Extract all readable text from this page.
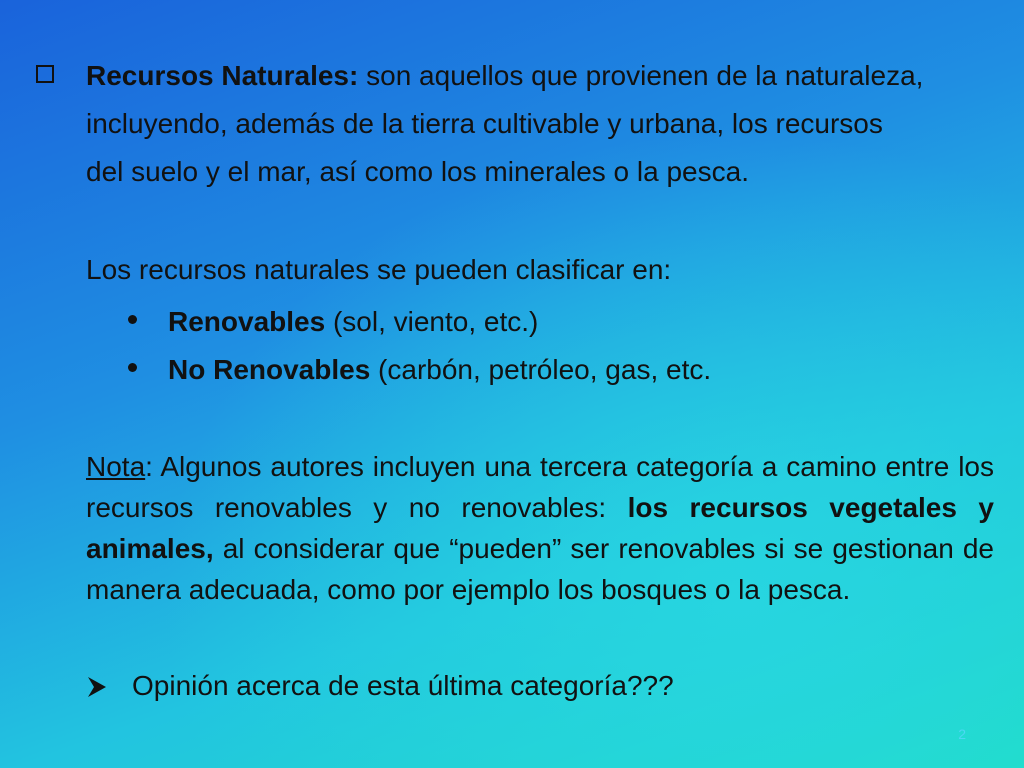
Recursos Naturales: son aquellos que provienen de la naturaleza,
incluyendo, además de la tierra cultivable y urbana, los recursos
del suelo y el mar, así como los minerales o la pesca.
Los recursos naturales se pueden clasificar en:
Renovables (sol, viento, etc.)
No Renovables (carbón, petróleo, gas, etc.
Nota: Algunos autores incluyen una tercera categoría a camino entre los recursos renovables y no renovables: los recursos vegetales y animales, al considerar que “pueden” ser renovables si se gestionan de manera adecuada, como por ejemplo los bosques o la pesca.
Opinión acerca de esta última categoría???
2
